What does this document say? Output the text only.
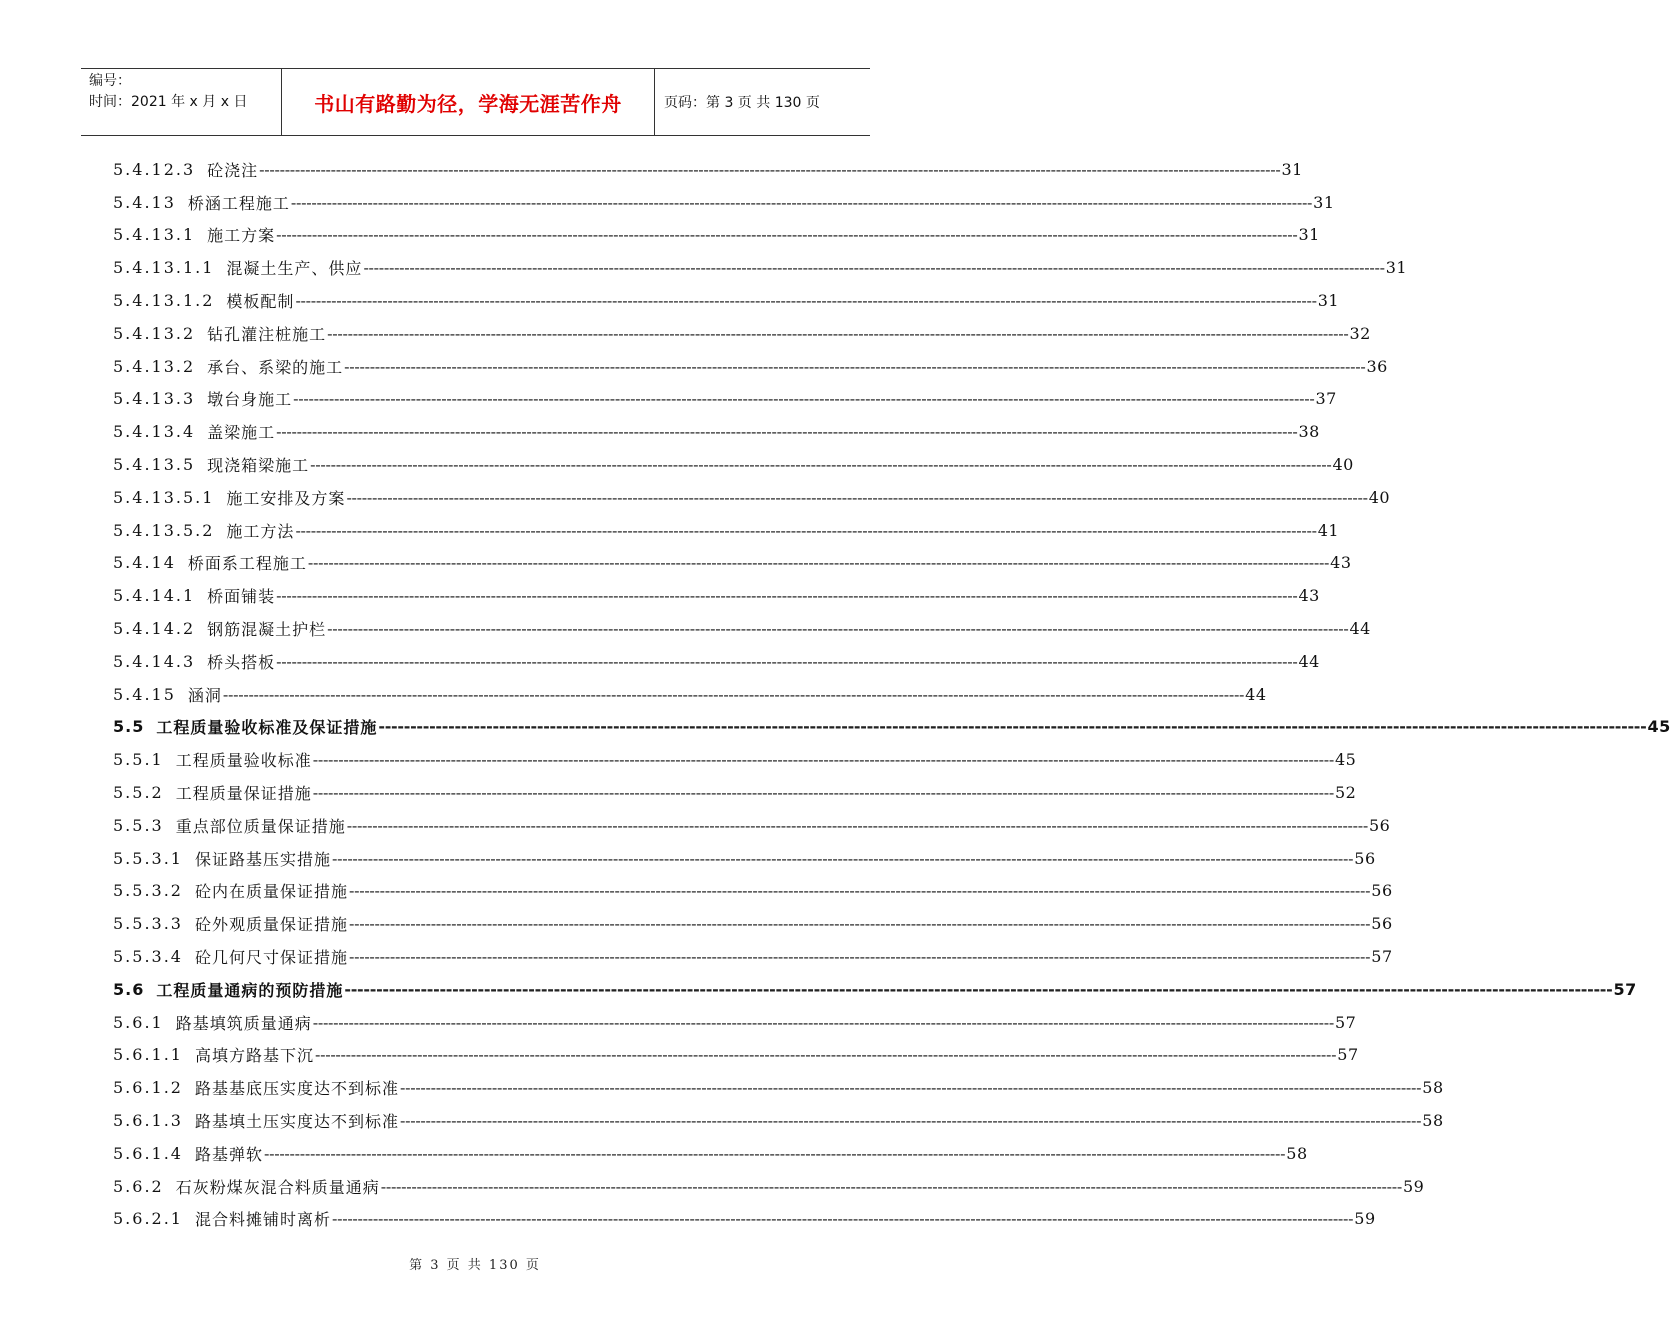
编号：
时间：2021 年 x 月 x 日	书山有路勤为径，学海无涯苦作舟	页码：第 3 页 共 130 页
5.4.12.3 砼浇注 -------------------------------------------------------------------------------------------------------------------------------------------------------------------------------------------------------- 31
5.4.13 桥涵工程施工 -------------------------------------------------------------------------------------------------------------------------------------------------------------------------------------------------------- 31
5.4.13.1 施工方案 -------------------------------------------------------------------------------------------------------------------------------------------------------------------------------------------------------- 31
5.4.13.1.1 混凝土生产、供应 -------------------------------------------------------------------------------------------------------------------------------------------------------------------------------------------------------- 31
5.4.13.1.2 模板配制 -------------------------------------------------------------------------------------------------------------------------------------------------------------------------------------------------------- 31
5.4.13.2 钻孔灌注桩施工 -------------------------------------------------------------------------------------------------------------------------------------------------------------------------------------------------------- 32
5.4.13.2 承台、系梁的施工 -------------------------------------------------------------------------------------------------------------------------------------------------------------------------------------------------------- 36
5.4.13.3 墩台身施工 -------------------------------------------------------------------------------------------------------------------------------------------------------------------------------------------------------- 37
5.4.13.4 盖梁施工 -------------------------------------------------------------------------------------------------------------------------------------------------------------------------------------------------------- 38
5.4.13.5 现浇箱梁施工 -------------------------------------------------------------------------------------------------------------------------------------------------------------------------------------------------------- 40
5.4.13.5.1 施工安排及方案 -------------------------------------------------------------------------------------------------------------------------------------------------------------------------------------------------------- 40
5.4.13.5.2 施工方法 -------------------------------------------------------------------------------------------------------------------------------------------------------------------------------------------------------- 41
5.4.14 桥面系工程施工 -------------------------------------------------------------------------------------------------------------------------------------------------------------------------------------------------------- 43
5.4.14.1 桥面铺装 -------------------------------------------------------------------------------------------------------------------------------------------------------------------------------------------------------- 43
5.4.14.2 钢筋混凝土护栏 -------------------------------------------------------------------------------------------------------------------------------------------------------------------------------------------------------- 44
5.4.14.3 桥头搭板 -------------------------------------------------------------------------------------------------------------------------------------------------------------------------------------------------------- 44
5.4.15 涵洞 -------------------------------------------------------------------------------------------------------------------------------------------------------------------------------------------------------- 44
5.5 工程质量验收标准及保证措施 -------------------------------------------------------------------------------------------------------------------------------------------------------------------------------------------------------- 45
5.5.1 工程质量验收标准 -------------------------------------------------------------------------------------------------------------------------------------------------------------------------------------------------------- 45
5.5.2 工程质量保证措施 -------------------------------------------------------------------------------------------------------------------------------------------------------------------------------------------------------- 52
5.5.3 重点部位质量保证措施 -------------------------------------------------------------------------------------------------------------------------------------------------------------------------------------------------------- 56
5.5.3.1 保证路基压实措施 -------------------------------------------------------------------------------------------------------------------------------------------------------------------------------------------------------- 56
5.5.3.2 砼内在质量保证措施 -------------------------------------------------------------------------------------------------------------------------------------------------------------------------------------------------------- 56
5.5.3.3 砼外观质量保证措施 -------------------------------------------------------------------------------------------------------------------------------------------------------------------------------------------------------- 56
5.5.3.4 砼几何尺寸保证措施 -------------------------------------------------------------------------------------------------------------------------------------------------------------------------------------------------------- 57
5.6 工程质量通病的预防措施 -------------------------------------------------------------------------------------------------------------------------------------------------------------------------------------------------------- 57
5.6.1 路基填筑质量通病 -------------------------------------------------------------------------------------------------------------------------------------------------------------------------------------------------------- 57
5.6.1.1 高填方路基下沉 -------------------------------------------------------------------------------------------------------------------------------------------------------------------------------------------------------- 57
5.6.1.2 路基基底压实度达不到标准 -------------------------------------------------------------------------------------------------------------------------------------------------------------------------------------------------------- 58
5.6.1.3 路基填土压实度达不到标准 -------------------------------------------------------------------------------------------------------------------------------------------------------------------------------------------------------- 58
5.6.1.4 路基弹软 -------------------------------------------------------------------------------------------------------------------------------------------------------------------------------------------------------- 58
5.6.2 石灰粉煤灰混合料质量通病 -------------------------------------------------------------------------------------------------------------------------------------------------------------------------------------------------------- 59
5.6.2.1 混合料摊铺时离析 -------------------------------------------------------------------------------------------------------------------------------------------------------------------------------------------------------- 59
第 3 页 共 130 页
